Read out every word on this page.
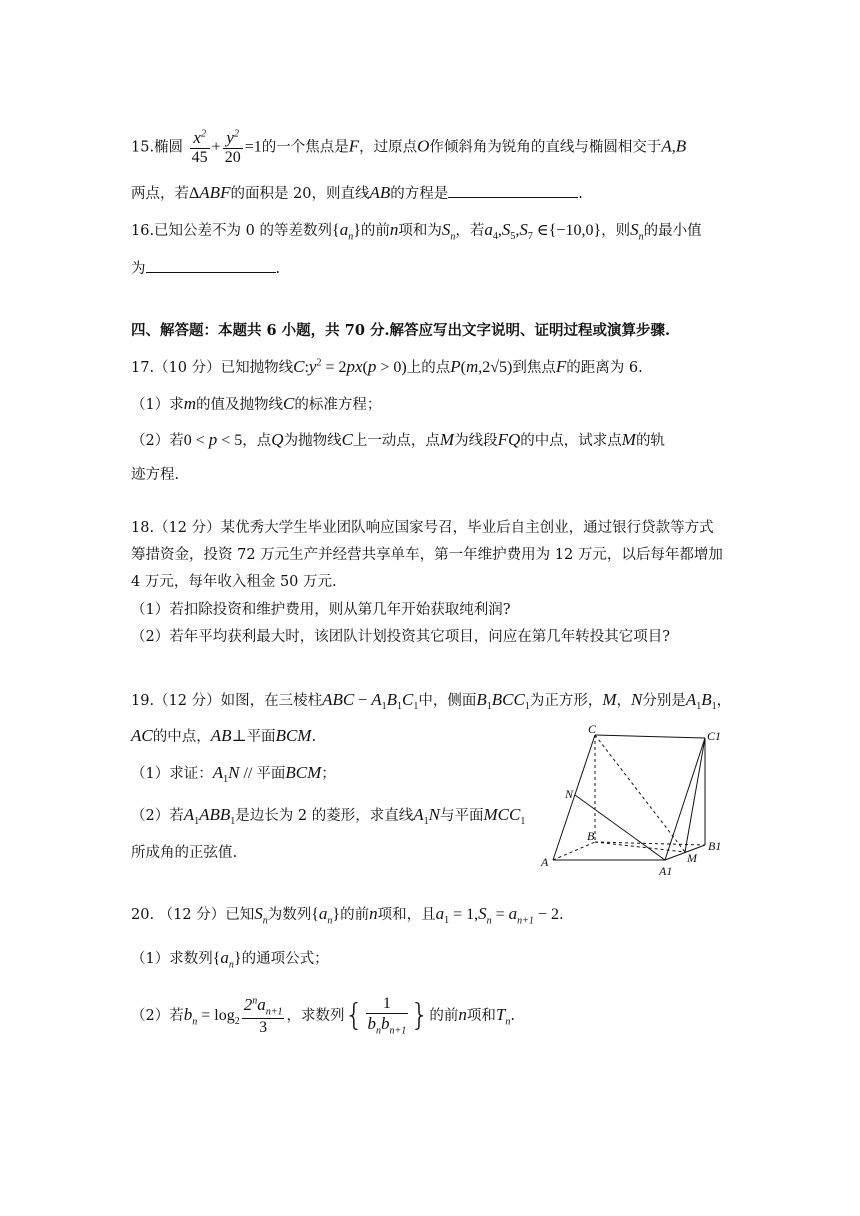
15.椭圆 $\frac{x^2}{45} + \frac{y^2}{20} =1$的一个焦点是F，过原点O作倾斜角为锐角的直线与椭圆相交于A,B
两点，若ΔABF的面积是 20，则直线AB的方程是	.
16.已知公差不为 0 的等差数列$\{a_n\}$的前n项和为$S_n$，若$a_4,S_5,S_7$ ∈{−10,0}，则$S_n$的最小值
为	.
四、解答题：本题共 6 小题，共 70 分.解答应写出文字说明、证明过程或演算步骤.
17.（10 分）已知抛物线$C:y^2 = 2px(p > 0)$上的点P(m,2√5)到焦点F的距离为 6.
（1）求m的值及抛物线C的标准方程；
（2）若0 < p < 5，点Q为抛物线C上一动点，点M为线段FQ的中点，试求点M的轨
迹方程.
18.（12 分）某优秀大学生毕业团队响应国家号召，毕业后自主创业，通过银行贷款等方式
筹措资金，投资 72 万元生产并经营共享单车，第一年维护费用为 12 万元，以后每年都增加
4 万元，每年收入租金 50 万元.
（1）若扣除投资和维护费用，则从第几年开始获取纯利润?
（2）若年平均获利最大时，该团队计划投资其它项目，问应在第几年转投其它项目?
19.（12 分）如图，在三棱柱ABC − $A_1B_1C_1$中，侧面$B_1BCC_1$为正方形，M，N分别是$A_1B_1$，
AC的中点，AB⊥平面BCM.
（1）求证：$A_1N$ // 平面BCM；
（2）若$A_1ABB_1$是边长为 2 的菱形，求直线$A_1N$与平面$MCC_1$
所成角的正弦值.
C	C1
N
B
B1
A
A1
M
20. （12 分）已知$S_n$为数列$\{a_n\}$的前n项和，且$a_1 = 1,S_n = a_{n+1} - 2$.
（1）求数列$\{a_n\}$的通项公式；
（2）若$b_n = \log_2 \frac{2^na_{n+1}}{3}$ ，求数列{ $\frac{1}{b_nb_{n+1}}$ }的前n项和$T_n$.
